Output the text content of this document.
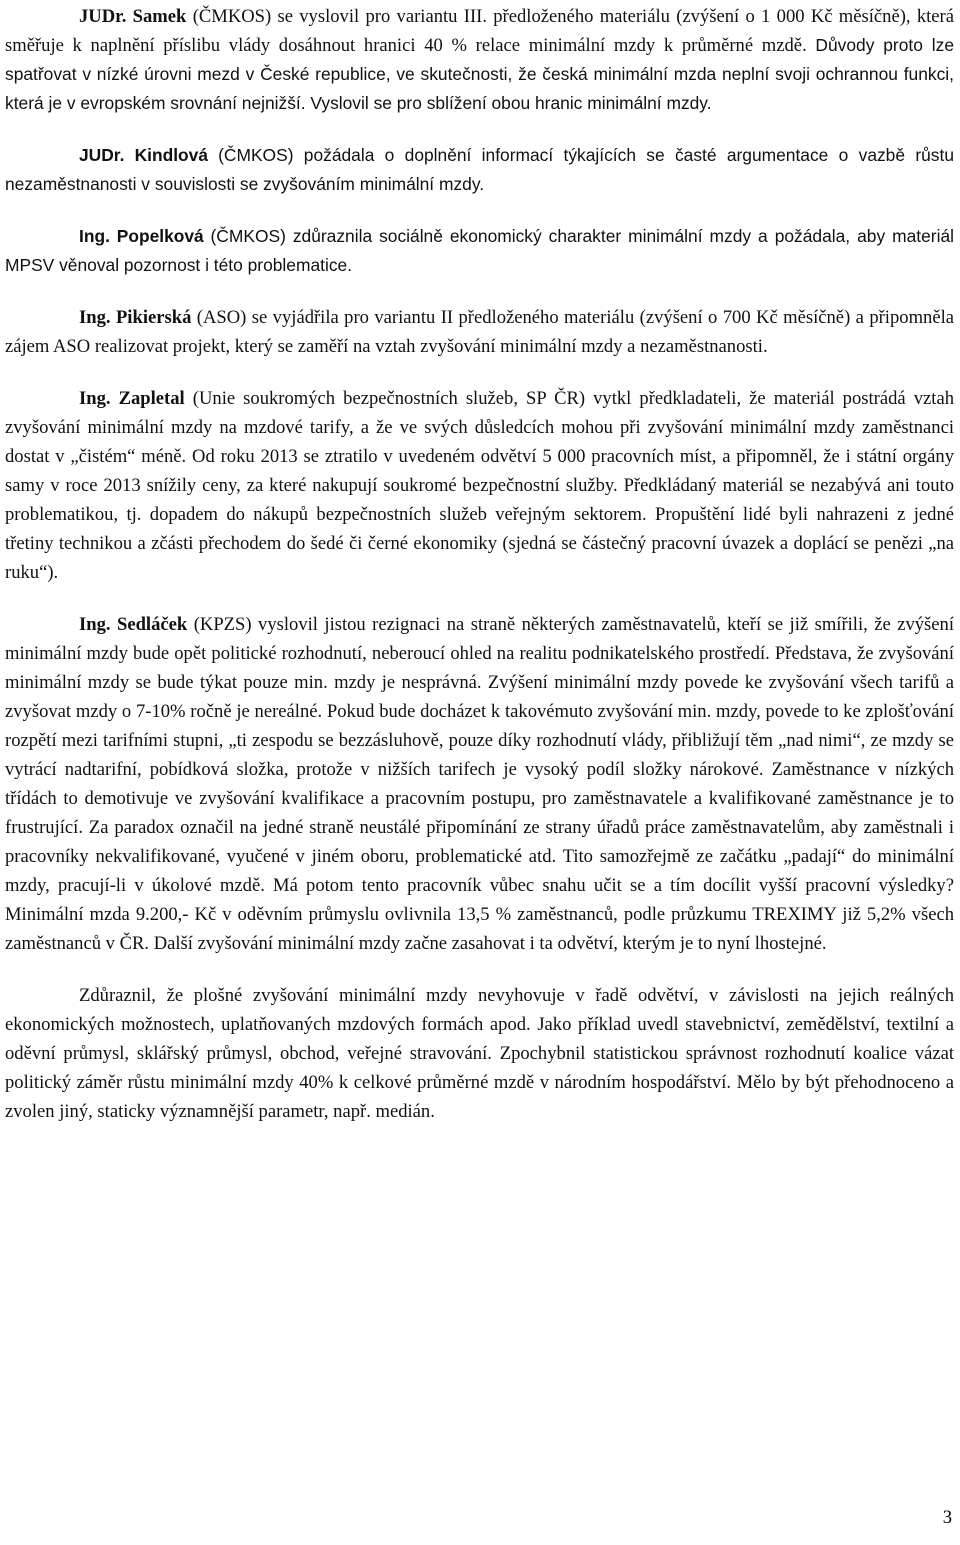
JUDr. Samek (ČMKOS) se vyslovil pro variantu III. předloženého materiálu (zvýšení o 1 000 Kč měsíčně), která směřuje k naplnění příslibu vlády dosáhnout hranici 40 % relace minimální mzdy k průměrné mzdě. Důvody proto lze spatřovat v nízké úrovni mezd v České republice, ve skutečnosti, že česká minimální mzda neplní svoji ochrannou funkci, která je v evropském srovnání nejnižší. Vyslovil se pro sblížení obou hranic minimální mzdy.

JUDr. Kindlová (ČMKOS) požádala o doplnění informací týkajících se časté argumentace o vazbě růstu nezaměstnanosti v souvislosti se zvyšováním minimální mzdy.

Ing. Popelková (ČMKOS) zdůraznila sociálně ekonomický charakter minimální mzdy a požádala, aby materiál MPSV věnoval pozornost i této problematice.

Ing. Pikierská (ASO) se vyjádřila pro variantu II předloženého materiálu (zvýšení o 700 Kč měsíčně) a připomněla zájem ASO realizovat projekt, který se zaměří na vztah zvyšování minimální mzdy a nezaměstnanosti.

Ing. Zapletal (Unie soukromých bezpečnostních služeb, SP ČR) vytkl předkladateli, že materiál postrádá vztah zvyšování minimální mzdy na mzdové tarify, a že ve svých důsledcích mohou při zvyšování minimální mzdy zaměstnanci dostat v „čistém“ méně. Od roku 2013 se ztratilo v uvedeném odvětví 5 000 pracovních míst, a připomněl, že i státní orgány samy v roce 2013 snížily ceny, za které nakupují soukromé bezpečnostní služby. Předkládaný materiál se nezabývá ani touto problematikou, tj. dopadem do nákupů bezpečnostních služeb veřejným sektorem. Propuštění lidé byli nahrazeni z jedné třetiny technikou a zčásti přechodem do šedé či černé ekonomiky (sjedná se částečný pracovní úvazek a doplácí se penězi „na ruku“).

Ing. Sedláček (KPZS) vyslovil jistou rezignaci na straně některých zaměstnavatelů, kteří se již smířili, že zvýšení minimální mzdy bude opět politické rozhodnutí, neberoucí ohled na realitu podnikatelského prostředí. Představa, že zvyšování minimální mzdy se bude týkat pouze min. mzdy je nesprávná. Zvýšení minimální mzdy povede ke zvyšování všech tarifů a zvyšovat mzdy o 7-10% ročně je nereálné. Pokud bude docházet k takovémuto zvyšování min. mzdy, povede to ke zplošťování rozpětí mezi tarifními stupni, „ti zespodu se bezzásluhově, pouze díky rozhodnutí vlády, přibližují těm „nad nimi“, ze mzdy se vytrácí nadtarifní, pobídková složka, protože v nižších tarifech je vysoký podíl složky nárokové. Zaměstnance v nízkých třídách to demotivuje ve zvyšování kvalifikace a pracovním postupu, pro zaměstnavatele a kvalifikované zaměstnance je to frustrující. Za paradox označil na jedné straně neustálé připomínání ze strany úřadů práce zaměstnavatelům, aby zaměstnali i pracovníky nekvalifikované, vyučené v jiném oboru, problematické atd. Tito samozřejmě ze začátku „padají“ do minimální mzdy, pracují-li v úkolové mzdě. Má potom tento pracovník vůbec snahu učit se a tím docílit vyšší pracovní výsledky? Minimální mzda 9.200,- Kč v oděvním průmyslu ovlivnila 13,5 % zaměstnanců, podle průzkumu TREXIMY již 5,2% všech zaměstnanců v ČR. Další zvyšování minimální mzdy začne zasahovat i ta odvětví, kterým je to nyní lhostejné.

Zdůraznil, že plošné zvyšování minimální mzdy nevyhovuje v řadě odvětví, v závislosti na jejich reálných ekonomických možnostech, uplatňovaných mzdových formách apod. Jako příklad uvedl stavebnictví, zemědělství, textilní a oděvní průmysl, sklářský průmysl, obchod, veřejné stravování. Zpochybnil statistickou správnost rozhodnutí koalice vázat politický záměr růstu minimální mzdy 40% k celkové průměrné mzdě v národním hospodářství. Mělo by být přehodnoceno a zvolen jiný, staticky významnější parametr, např. medián.

3
